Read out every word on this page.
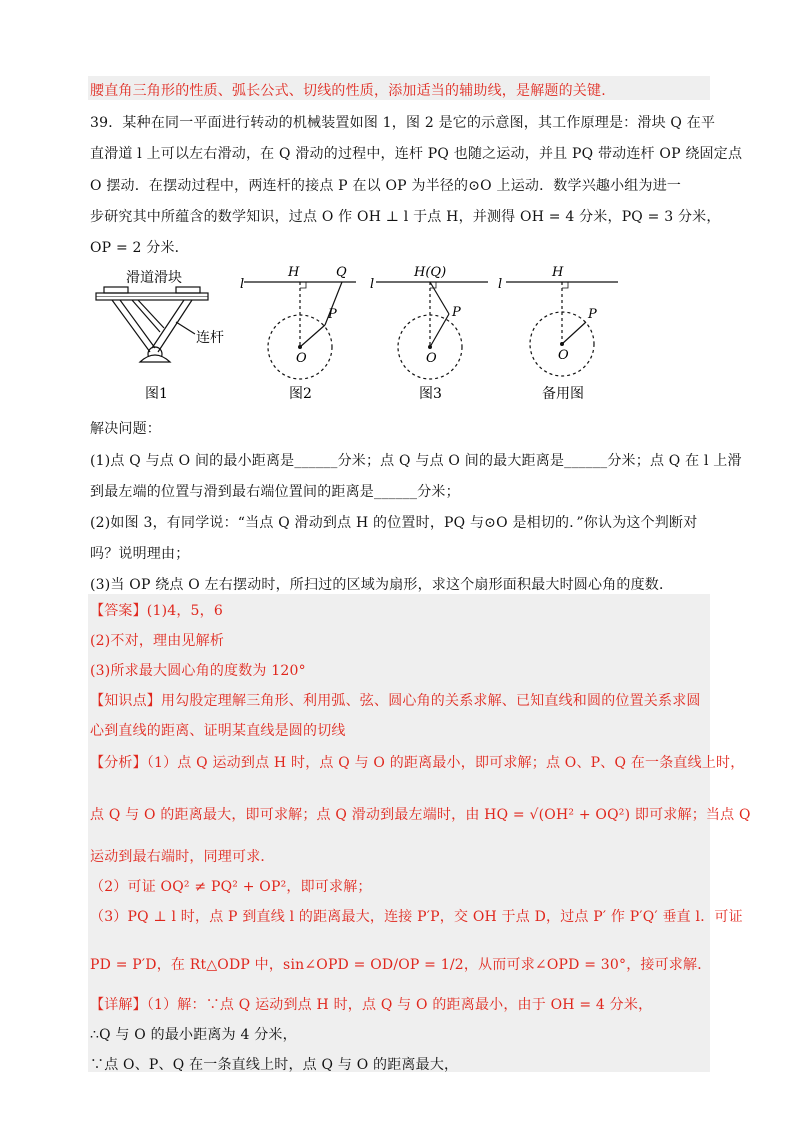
腰直角三角形的性质、弧长公式、切线的性质，添加适当的辅助线，是解题的关键.
39．某种在同一平面进行转动的机械装置如图 1，图 2 是它的示意图，其工作原理是：滑块 Q 在平
直滑道 l 上可以左右滑动，在 Q 滑动的过程中，连杆 PQ 也随之运动，并且 PQ 带动连杆 OP 绕固定点
O 摆动．在摆动过程中，两连杆的接点 P 在以 OP 为半径的⊙O 上运动．数学兴趣小组为进一
步研究其中所蕴含的数学知识，过点 O 作 OH ⊥ l 于点 H，并测得 OH = 4 分米，PQ = 3 分米，
OP = 2 分米．
滑道滑块
连杆
图1
l
H	Q
P
O
图2
l
H(Q)
P
O
图3
l
H
P
O
备用图
解决问题：
(1)点 Q 与点 O 间的最小距离是______分米；点 Q 与点 O 间的最大距离是______分米；点 Q 在 l 上滑
到最左端的位置与滑到最右端位置间的距离是______分米；
(2)如图 3，有同学说：“当点 Q 滑动到点 H 的位置时，PQ 与⊙O 是相切的．”你认为这个判断对
吗？说明理由；
(3)当 OP 绕点 O 左右摆动时，所扫过的区域为扇形，求这个扇形面积最大时圆心角的度数．
【答案】(1)4，5，6
(2)不对，理由见解析
(3)所求最大圆心角的度数为 120°
【知识点】用勾股定理解三角形、利用弧、弦、圆心角的关系求解、已知直线和圆的位置关系求圆
心到直线的距离、证明某直线是圆的切线
【分析】（1）点 Q 运动到点 H 时，点 Q 与 O 的距离最小，即可求解；点 O、P、Q 在一条直线上时，
点 Q 与 O 的距离最大，即可求解；点 Q 滑动到最左端时，由 HQ = √(OH² + OQ²) 即可求解；当点 Q
运动到最右端时，同理可求．
（2）可证 OQ² ≠ PQ² + OP²，即可求解；
（3）PQ ⊥ l 时，点 P 到直线 l 的距离最大，连接 P′P，交 OH 于点 D，过点 P′ 作 P′Q′ 垂直 l．可证
PD = P′D，在 Rt△ODP 中，sin∠OPD = OD/OP = 1/2，从而可求∠OPD = 30°，接可求解．
【详解】（1）解：∵点 Q 运动到点 H 时，点 Q 与 O 的距离最小，由于 OH = 4 分米，
∴Q 与 O 的最小距离为 4 分米，
∵点 O、P、Q 在一条直线上时，点 Q 与 O 的距离最大，
